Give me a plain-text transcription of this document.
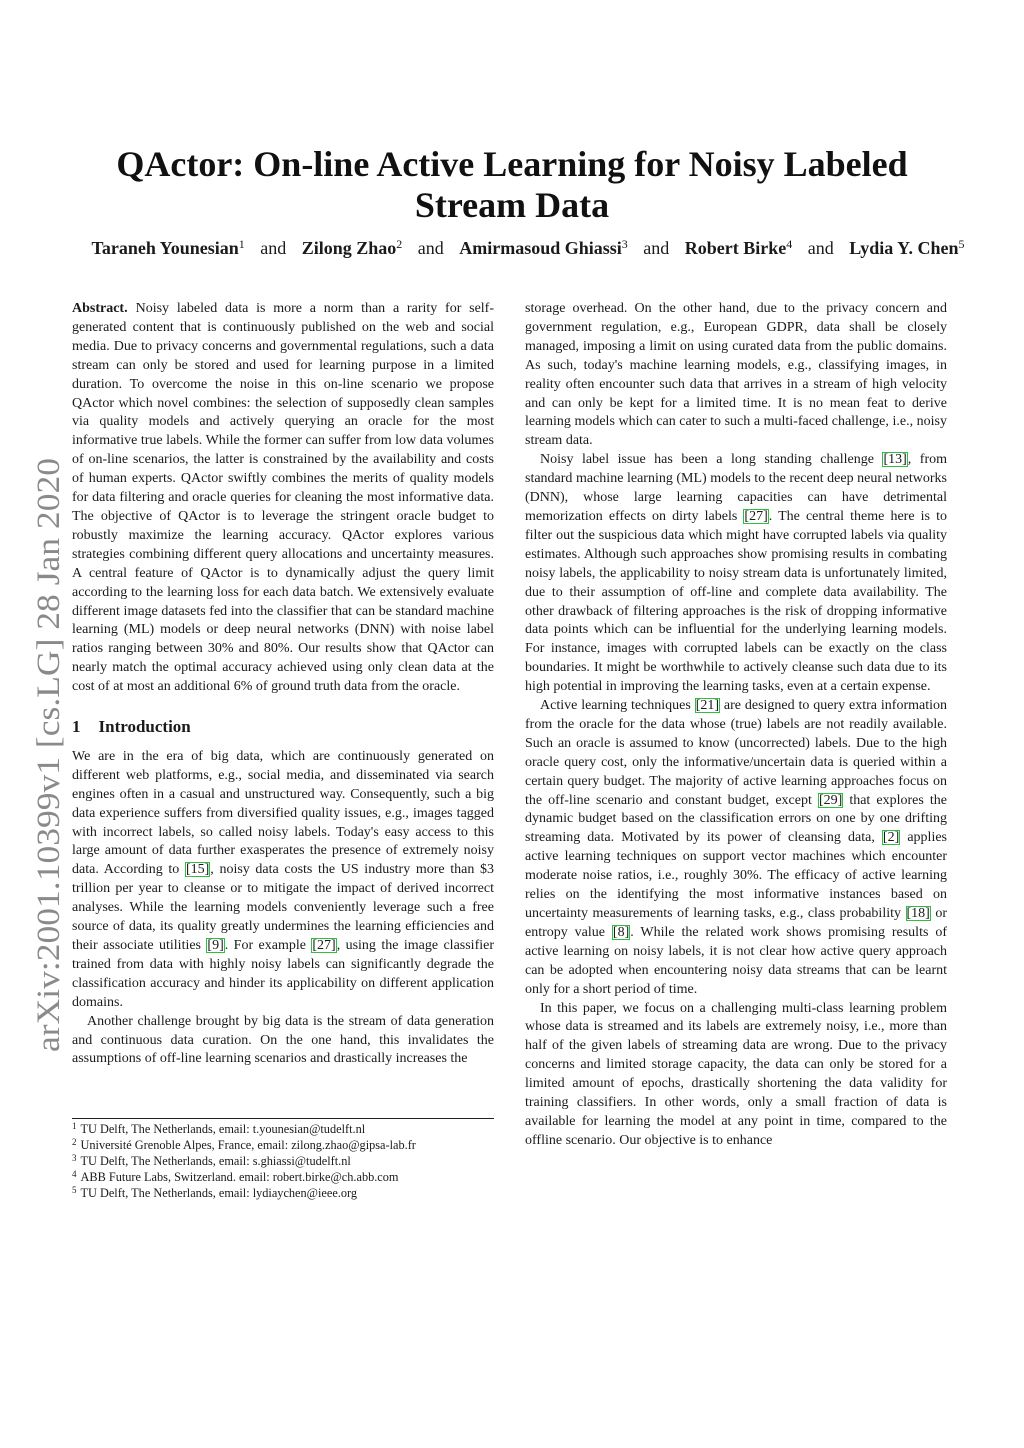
arXiv:2001.10399v1 [cs.LG] 28 Jan 2020
QActor: On-line Active Learning for Noisy Labeled
Stream Data
Taraneh Younesian$^1$ and Zilong Zhao$^2$ and Amirmasoud Ghiassi$^3$ and Robert Birke$^4$ and Lydia Y. Chen$^5$

Abstract. Noisy labeled data is more a norm than a rarity for self-generated content that is continuously published on the web and social media. Due to privacy concerns and governmental regulations, such a data stream can only be stored and used for learning purpose in a limited duration. To overcome the noise in this on-line scenario we propose QActor which novel combines: the selection of supposedly clean samples via quality models and actively querying an oracle for the most informative true labels. While the former can suffer from low data volumes of on-line scenarios, the latter is constrained by the availability and costs of human experts. QActor swiftly combines the merits of quality models for data filtering and oracle queries for cleaning the most informative data. The objective of QActor is to leverage the stringent oracle budget to robustly maximize the learning accuracy. QActor explores various strategies combining different query allocations and uncertainty measures. A central feature of QActor is to dynamically adjust the query limit according to the learning loss for each data batch. We extensively evaluate different image datasets fed into the classifier that can be standard machine learning (ML) models or deep neural networks (DNN) with noise label ratios ranging between 30% and 80%. Our results show that QActor can nearly match the optimal accuracy achieved using only clean data at the cost of at most an additional 6% of ground truth data from the oracle.

1 Introduction

We are in the era of big data, which are continuously generated on different web platforms, e.g., social media, and disseminated via search engines often in a casual and unstructured way. Consequently, such a big data experience suffers from diversified quality issues, e.g., images tagged with incorrect labels, so called noisy labels. Today's easy access to this large amount of data further exasperates the presence of extremely noisy data. According to [15], noisy data costs the US industry more than $3 trillion per year to cleanse or to mitigate the impact of derived incorrect analyses. While the learning models conveniently leverage such a free source of data, its quality greatly undermines the learning efficiencies and their associate utilities [9]. For example [27], using the image classifier trained from data with highly noisy labels can significantly degrade the classification accuracy and hinder its applicability on different application domains.

Another challenge brought by big data is the stream of data generation and continuous data curation. On the one hand, this invalidates the assumptions of off-line learning scenarios and drastically increases the

$^1$ TU Delft, The Netherlands, email: t.younesian@tudelft.nl
$^2$ Université Grenoble Alpes, France, email: zilong.zhao@gipsa-lab.fr
$^3$ TU Delft, The Netherlands, email: s.ghiassi@tudelft.nl
$^4$ ABB Future Labs, Switzerland. email: robert.birke@ch.abb.com
$^5$ TU Delft, The Netherlands, email: lydiaychen@ieee.org

storage overhead. On the other hand, due to the privacy concern and government regulation, e.g., European GDPR, data shall be closely managed, imposing a limit on using curated data from the public domains. As such, today's machine learning models, e.g., classifying images, in reality often encounter such data that arrives in a stream of high velocity and can only be kept for a limited time. It is no mean feat to derive learning models which can cater to such a multi-faced challenge, i.e., noisy stream data.

Noisy label issue has been a long standing challenge [13], from standard machine learning (ML) models to the recent deep neural networks (DNN), whose large learning capacities can have detrimental memorization effects on dirty labels [27]. The central theme here is to filter out the suspicious data which might have corrupted labels via quality estimates. Although such approaches show promising results in combating noisy labels, the applicability to noisy stream data is unfortunately limited, due to their assumption of off-line and complete data availability. The other drawback of filtering approaches is the risk of dropping informative data points which can be influential for the underlying learning models. For instance, images with corrupted labels can be exactly on the class boundaries. It might be worthwhile to actively cleanse such data due to its high potential in improving the learning tasks, even at a certain expense.

Active learning techniques [21] are designed to query extra information from the oracle for the data whose (true) labels are not readily available. Such an oracle is assumed to know (uncorrected) labels. Due to the high oracle query cost, only the informative/uncertain data is queried within a certain query budget. The majority of active learning approaches focus on the off-line scenario and constant budget, except [29] that explores the dynamic budget based on the classification errors on one by one drifting streaming data. Motivated by its power of cleansing data, [2] applies active learning techniques on support vector machines which encounter moderate noise ratios, i.e., roughly 30%. The efficacy of active learning relies on the identifying the most informative instances based on uncertainty measurements of learning tasks, e.g., class probability [18] or entropy value [8]. While the related work shows promising results of active learning on noisy labels, it is not clear how active query approach can be adopted when encountering noisy data streams that can be learnt only for a short period of time.

In this paper, we focus on a challenging multi-class learning problem whose data is streamed and its labels are extremely noisy, i.e., more than half of the given labels of streaming data are wrong. Due to the privacy concerns and limited storage capacity, the data can only be stored for a limited amount of epochs, drastically shortening the data validity for training classifiers. In other words, only a small fraction of data is available for learning the model at any point in time, compared to the offline scenario. Our objective is to enhance
